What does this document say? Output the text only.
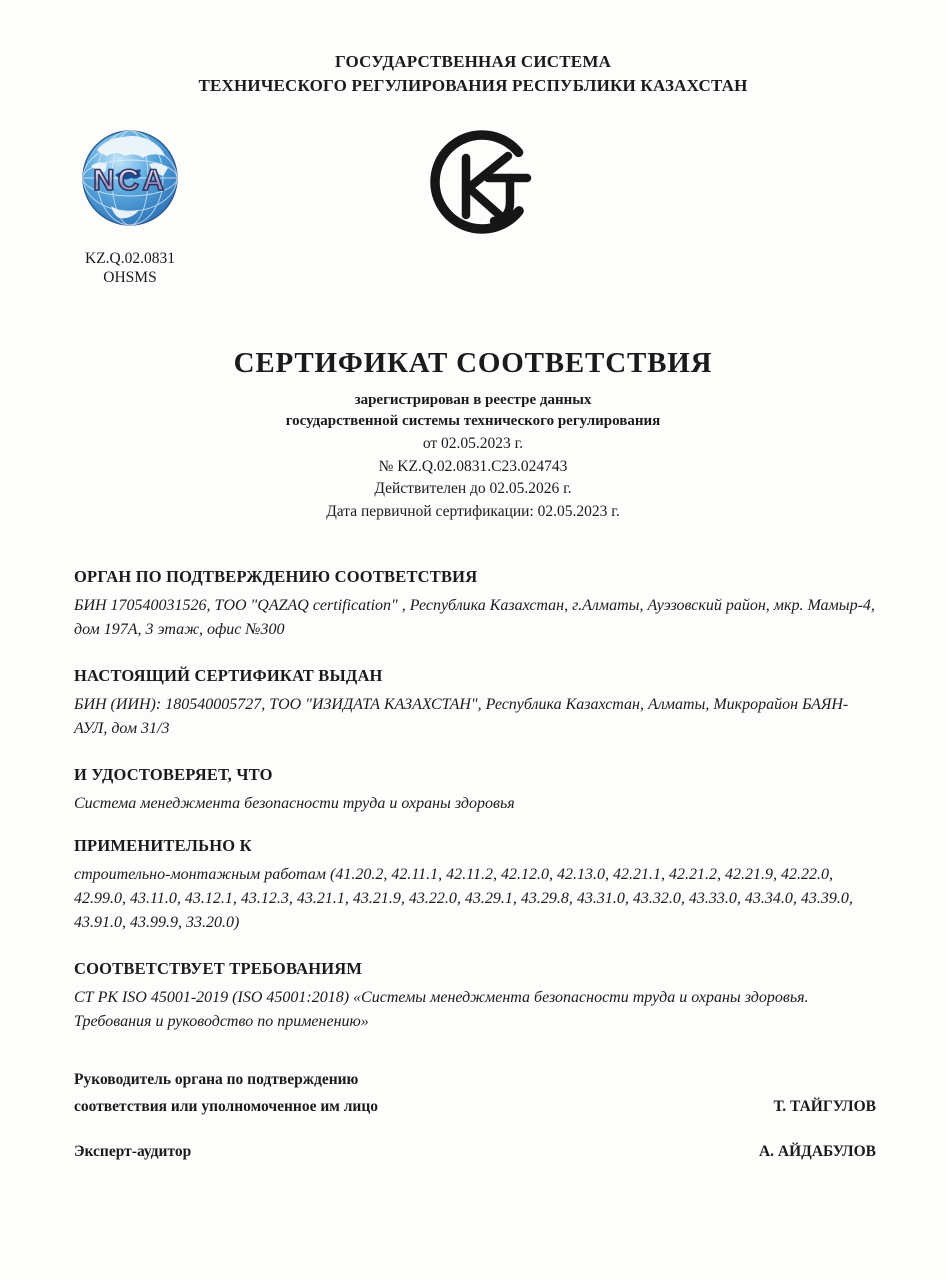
ГОСУДАРСТВЕННАЯ СИСТЕМА
ТЕХНИЧЕСКОГО РЕГУЛИРОВАНИЯ РЕСПУБЛИКИ КАЗАХСТАН
NCA
KZ.Q.02.0831
OHSMS
СЕРТИФИКАТ СООТВЕТСТВИЯ
зарегистрирован в реестре данных
государственной системы технического регулирования
от 02.05.2023 г.
№ KZ.Q.02.0831.C23.024743
Действителен до 02.05.2026 г.
Дата первичной сертификации: 02.05.2023 г.
ОРГАН ПО ПОДТВЕРЖДЕНИЮ СООТВЕТСТВИЯ

БИН 170540031526, ТОО "QAZAQ certification" , Республика Казахстан, г.Алматы, Ауэзовский район, мкр. Мамыр-4, дом 197А, 3 этаж, офис №300

НАСТОЯЩИЙ СЕРТИФИКАТ ВЫДАН

БИН (ИИН): 180540005727, ТОО "ИЗИДАТА КАЗАХСТАН", Республика Казахстан, Алматы, Микрорайон БАЯН-АУЛ, дом 31/3

И УДОСТОВЕРЯЕТ, ЧТО

Система менеджмента безопасности труда и охраны здоровья

ПРИМЕНИТЕЛЬНО К

строительно-монтажным работам (41.20.2, 42.11.1, 42.11.2, 42.12.0, 42.13.0, 42.21.1, 42.21.2, 42.21.9, 42.22.0, 42.99.0, 43.11.0, 43.12.1, 43.12.3, 43.21.1, 43.21.9, 43.22.0, 43.29.1, 43.29.8, 43.31.0, 43.32.0, 43.33.0, 43.34.0, 43.39.0, 43.91.0, 43.99.9, 33.20.0)

СООТВЕТСТВУЕТ ТРЕБОВАНИЯМ

СТ РК ISO 45001-2019 (ISO 45001:2018) «Системы менеджмента безопасности труда и охраны здоровья. Требования и руководство по применению»

Руководитель органа по подтверждению
соответствия или уполномоченное им лицо	Т. ТАЙГУЛОВ
Эксперт-аудитор	А. АЙДАБУЛОВ
